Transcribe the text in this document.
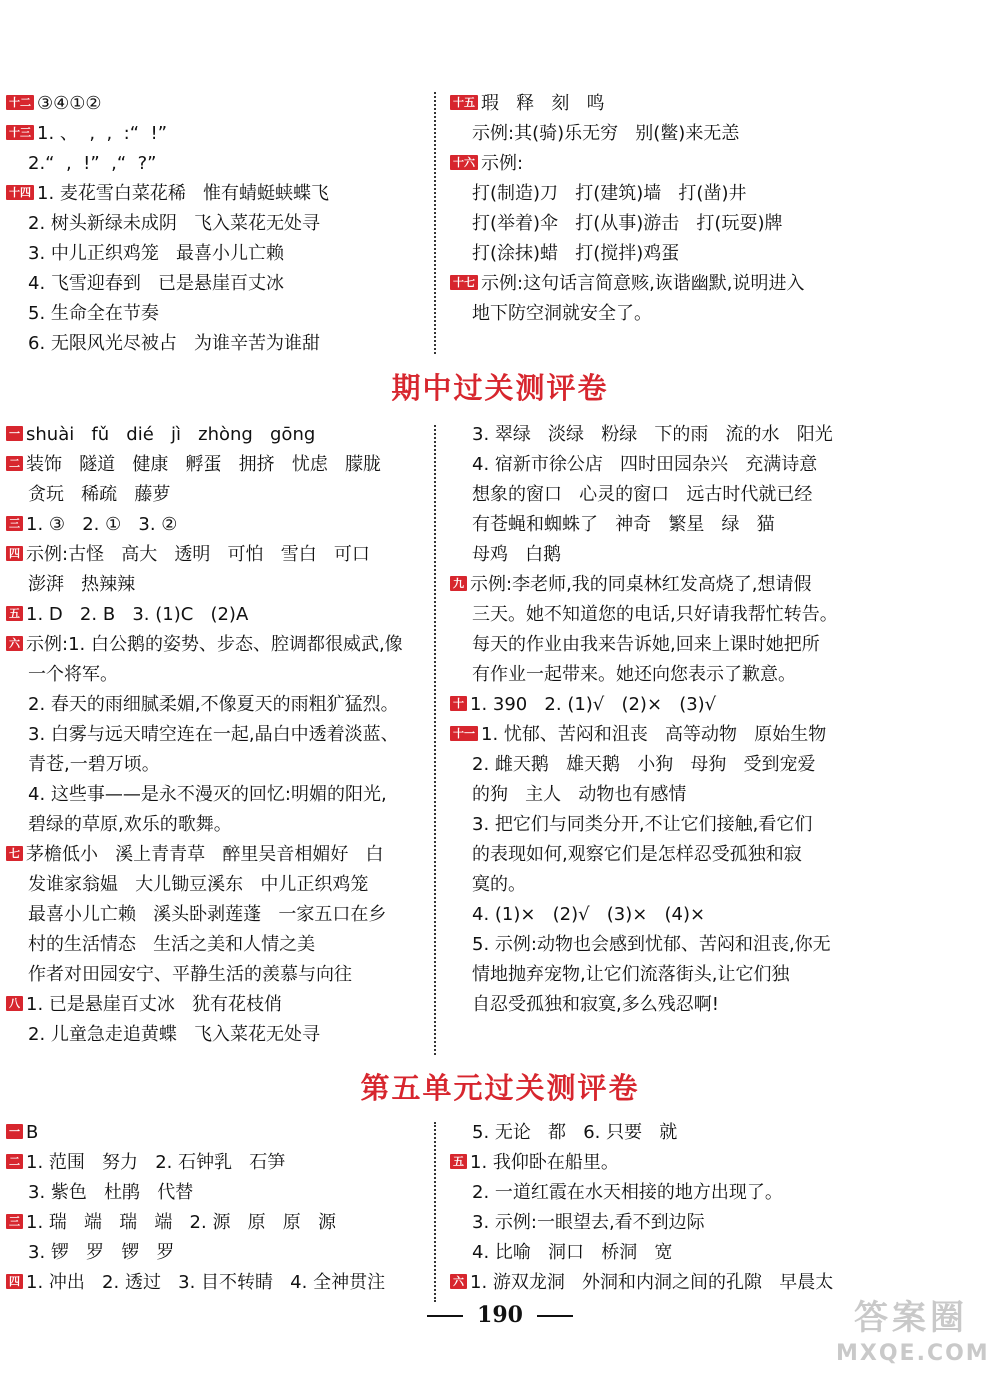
十二 ③④①②
十三 1. 、  ,  ,  :“  !”
2.“  ,  !”  ,“  ?”
十四 1. 麦花雪白菜花稀   惟有蜻蜓蛱蝶飞
2. 树头新绿未成阴   飞入菜花无处寻
3. 中儿正织鸡笼   最喜小儿亡赖
4. 飞雪迎春到   已是悬崖百丈冰
5. 生命全在节奏
6. 无限风光尽被占   为谁辛苦为谁甜
十五 瑕   释   刻   鸣
示例:其(骑)乐无穷   别(鳖)来无恙
十六 示例:
打(制造)刀   打(建筑)墙   打(凿)井
打(举着)伞   打(从事)游击   打(玩耍)牌
打(涂抹)蜡   打(搅拌)鸡蛋
十七 示例:这句话言简意赅,诙谐幽默,说明进入
地下防空洞就安全了。
期中过关测评卷
一 shuài   fǔ   dié   jì   zhòng   gōng
二 装饰   隧道   健康   孵蛋   拥挤   忧虑   朦胧
贪玩   稀疏   藤萝
三 1. ③   2. ①   3. ②
四 示例:古怪   高大   透明   可怕   雪白   可口
澎湃   热辣辣
五 1. D   2. B   3. (1)C   (2)A
六 示例:1. 白公鹅的姿势、步态、腔调都很威武,像
一个将军。
2. 春天的雨细腻柔媚,不像夏天的雨粗犷猛烈。
3. 白雾与远天晴空连在一起,晶白中透着淡蓝、
青苍,一碧万顷。
4. 这些事——是永不漫灭的回忆:明媚的阳光,
碧绿的草原,欢乐的歌舞。
七 茅檐低小   溪上青青草   醉里吴音相媚好   白
发谁家翁媪   大儿锄豆溪东   中儿正织鸡笼
最喜小儿亡赖   溪头卧剥莲蓬   一家五口在乡
村的生活情态   生活之美和人情之美
作者对田园安宁、平静生活的羡慕与向往
八 1. 已是悬崖百丈冰   犹有花枝俏
2. 儿童急走追黄蝶   飞入菜花无处寻
3. 翠绿   淡绿   粉绿   下的雨   流的水   阳光
4. 宿新市徐公店   四时田园杂兴   充满诗意
想象的窗口   心灵的窗口   远古时代就已经
有苍蝇和蜘蛛了   神奇   繁星   绿   猫
母鸡   白鹅
九 示例:李老师,我的同桌林红发高烧了,想请假
三天。她不知道您的电话,只好请我帮忙转告。
每天的作业由我来告诉她,回来上课时她把所
有作业一起带来。她还向您表示了歉意。
十 1. 390   2. (1)√   (2)×   (3)√
十一 1. 忧郁、苦闷和沮丧   高等动物   原始生物
2. 雌天鹅   雄天鹅   小狗   母狗   受到宠爱
的狗   主人   动物也有感情
3. 把它们与同类分开,不让它们接触,看它们
的表现如何,观察它们是怎样忍受孤独和寂
寞的。
4. (1)×   (2)√   (3)×   (4)×
5. 示例:动物也会感到忧郁、苦闷和沮丧,你无
情地抛弃宠物,让它们流落街头,让它们独
自忍受孤独和寂寞,多么残忍啊!
第五单元过关测评卷
一 B
二 1. 范围   努力   2. 石钟乳   石笋
3. 紫色   杜鹃   代替
三 1. 瑞   端   瑞   端   2. 源   原   原   源
3. 锣   罗   锣   罗
四 1. 冲出   2. 透过   3. 目不转睛   4. 全神贯注
5. 无论   都   6. 只要   就
五 1. 我仰卧在船里。
2. 一道红霞在水天相接的地方出现了。
3. 示例:一眼望去,看不到边际
4. 比喻   洞口   桥洞   宽
六 1. 游双龙洞   外洞和内洞之间的孔隙   早晨太
190	答案圈
MXQE.COM
